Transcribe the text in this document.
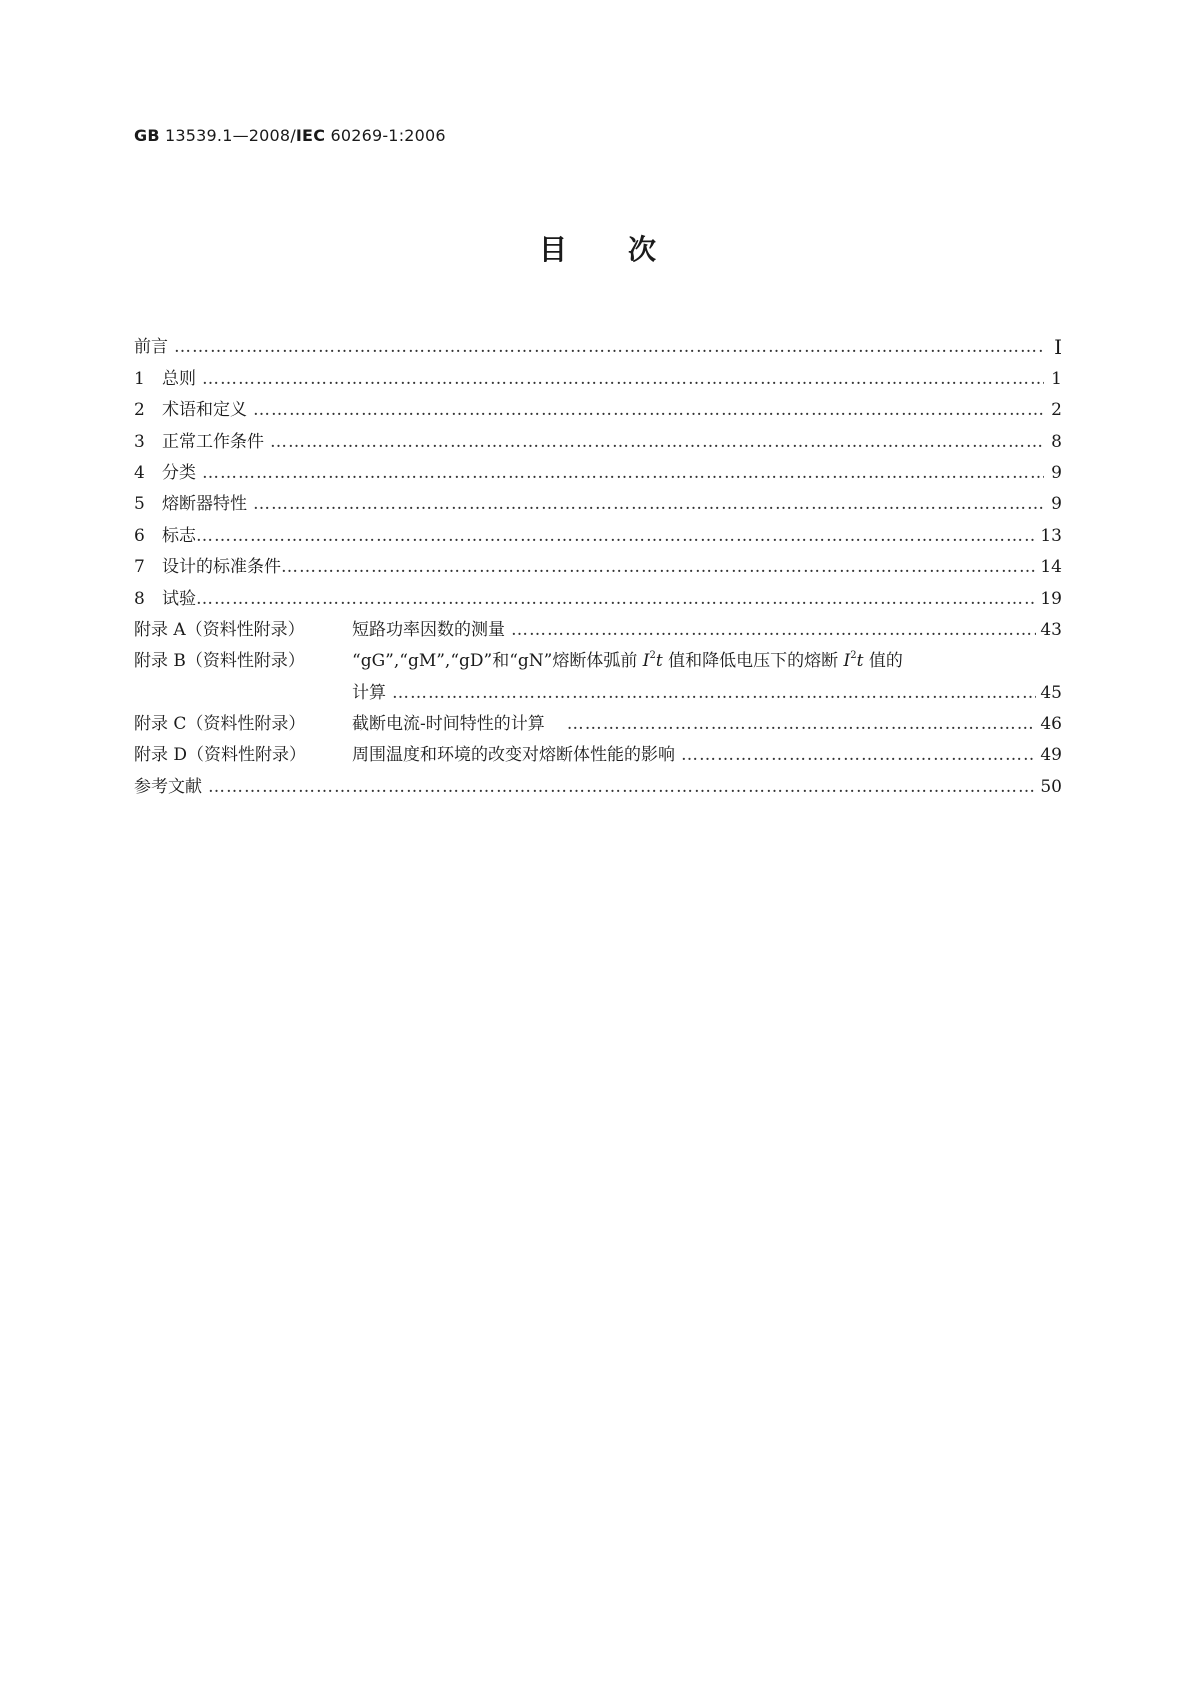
GB 13539.1—2008/IEC 60269-1:2006
目 次
前言 …………………………………………………………………………………………………………………………………………………………………………………………………………	Ⅰ
1 总则 …………………………………………………………………………………………………………………………………………………………………………………………………………	1
2 术语和定义 …………………………………………………………………………………………………………………………………………………………………………………………………………	2
3 正常工作条件 …………………………………………………………………………………………………………………………………………………………………………………………………………	8
4 分类 …………………………………………………………………………………………………………………………………………………………………………………………………………	9
5 熔断器特性 …………………………………………………………………………………………………………………………………………………………………………………………………………	9
6 标志 …………………………………………………………………………………………………………………………………………………………………………………………………………	13
7 设计的标准条件 …………………………………………………………………………………………………………………………………………………………………………………………………………	14
8 试验 …………………………………………………………………………………………………………………………………………………………………………………………………………	19
附录 A（资料性附录）	短路功率因数的测量 …………………………………………………………………………………………………………………………………………………………………………………………………………	43
附录 B（资料性附录）	“gG”,“gM”,“gD”和“gN”熔断体弧前 $I^2t$ 值和降低电压下的熔断 $I^2t$ 值的
计算 …………………………………………………………………………………………………………………………………………………………………………………………………………	45
附录 C（资料性附录）	截断电流-时间特性的计算 …………………………………………………………………………………………………………………………………………………………………………………………………………	46
附录 D（资料性附录）	周围温度和环境的改变对熔断体性能的影响 …………………………………………………………………………………………………………………………………………………………………………………………………………	49
参考文献 …………………………………………………………………………………………………………………………………………………………………………………………………………	50
